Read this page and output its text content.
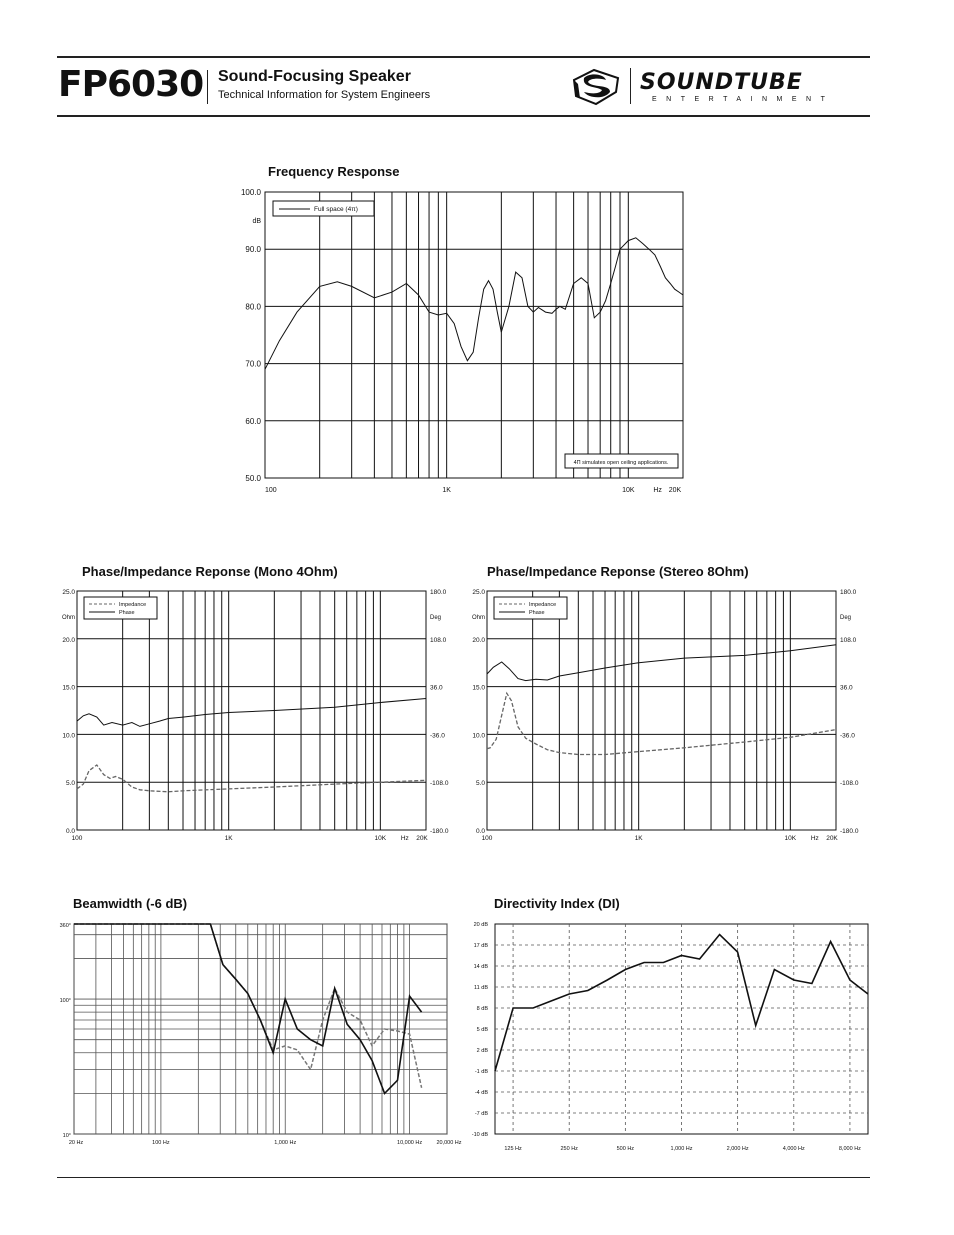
FP6030 Sound-Focusing Speaker
Technical Information for System Engineers	SOUNDTUBE
ENTERTAINMENT
Frequency Response
Phase/Impedance Reponse (Mono 4Ohm)	Phase/Impedance Reponse (Stereo 8Ohm)
Beamwidth (-6 dB)	Directivity Index (DI)
100.0
90.0
80.0
70.0
60.0
50.0
dB
100	1K	10K	20K
Hz
Full space (4π)
4Π simulates open ceiling applications.
25.0
20.0
15.0
10.0
5.0
0.0
180.0
108.0
36.0
-36.0
-108.0
-180.0
Ohm	Deg
100	1K	10K	20K
Hz
Impedance
Phase
25.0
20.0
15.0
10.0
5.0
0.0
180.0
108.0
36.0
-36.0
-108.0
-180.0
Ohm	Deg
100	1K	10K	20K
Hz
Impedance
Phase
360°
100°
10°
20 Hz	100 Hz	1,000 Hz	10,000 Hz	20,000 Hz
20 dB
17 dB
14 dB
11 dB
8 dB
5 dB
2 dB
-1 dB
-4 dB
-7 dB
-10 dB
125 Hz	250 Hz	500 Hz	1,000 Hz	2,000 Hz	4,000 Hz	8,000 Hz
